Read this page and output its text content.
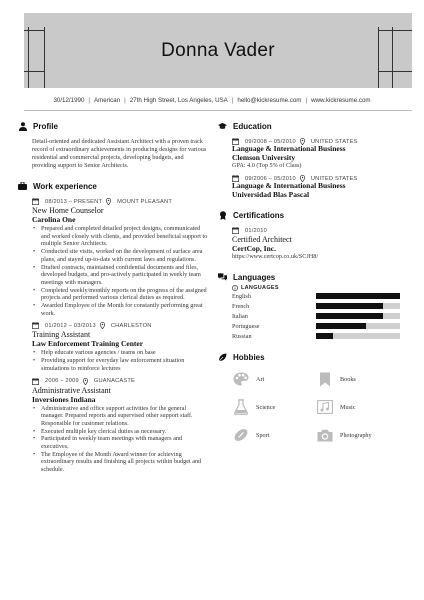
Donna Vader
30/12/1990 | American | 27th High Street, Los Angeles, USA | hello@kickresume.com | www.kickresume.com
Profile
Detail-oriented and dedicated Assistant Architect with a proven track record of extraordinary achievements in producing designs for various residential and commercial projects, developing budgets, and providing support to Senior Architects.
Work experience
08/2013 – PRESENT	MOUNT PLEASANT
New Home Counselor
Carolina One
• Prepared and completed detailed project designs, communicated and worked closely with clients, and provided beneficial support to multiple Senior Architects.
• Conducted site visits, worked on the development of surface area plans, and stayed up-to-date with current laws and regulations.
• Drafted contracts, maintained confidential documents and files, developed budgets, and pro-actively participated in weekly team meetings with managers.
• Completed weekly/monthly reports on the progress of the assigned projects and performed various clerical duties as required.
• Awarded Employee of the Month for constantly performing great work.
01/2012 – 03/2013	CHARLESTON
Training Assistant
Law Enforcement Training Center
• Help educate various agencies / teams on base
• Providing support for everyday law enforcement situation simulations to reinforce lectures
2006 – 2009	GUANACASTE
Administrative Assistant
Inversiones Indiana
• Administrative and office support activities for the general manager. Prepared reports and supervised other support staff. Responsible for customer relations.
• Executed multiple key clerical duties as necessary.
• Participated in weekly team meetings with managers and executives.
• The Employee of the Month Award winner for achieving extraordinary results and finishing all projects within budget and schedule.
Education
09/2008 – 05/2010	UNITED STATES
Language & International Business
Clemson University
GPA: 4.0 (Top 5% of Class)
09/2006 – 05/2010	UNITED STATES
Language & International Business
Universidad Blas Pascal
Certifications
01/2010
Certified Architect
CertCop, Inc.
https://www.certcop.co.uk/SCJH8/
Languages
LANGUAGES
English
French
Italian
Portuguese
Russian
Hobbies
Art	Books
Science	Music
Sport	Photography
